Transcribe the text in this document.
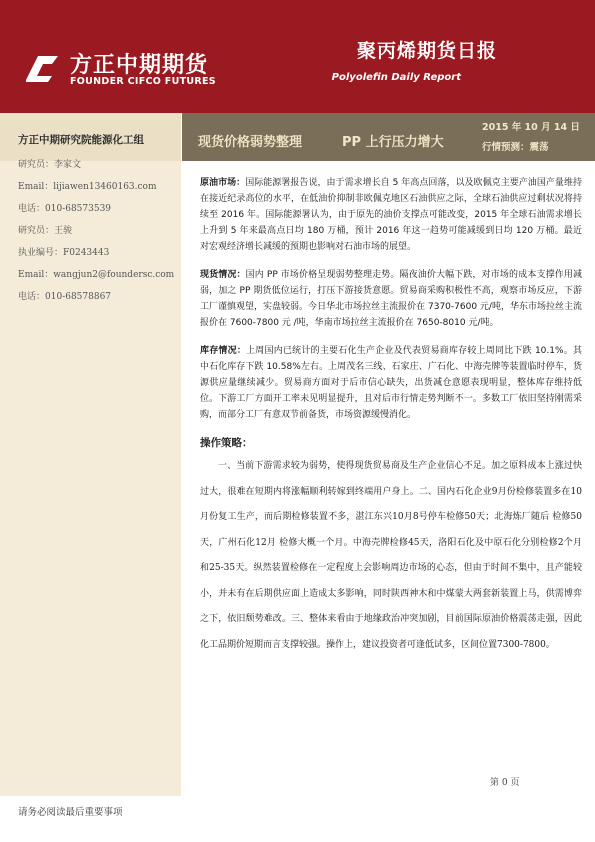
方正中期期货
FOUNDER CIFCO FUTURES
聚丙烯期货日报
Polyolefin Daily Report
方正中期研究院能源化工组
研究员：李家文
Email：lijiawen13460163.com
电话：010-68573539
研究员：王骏
执业编号：F0243443
Email：wangjun2@foundersc.com
电话：010-68578867
现货价格弱势整理	PP 上行压力增大
2015 年 10 月 14 日
行情预测：震荡

原油市场：国际能源署报告说，由于需求增长自 5 年高点回落，以及欧佩克主要产油国产量维持在接近纪录高位的水平，在低油价抑制非欧佩克地区石油供应之际，全球石油供应过剩状况将持续至 2016 年。国际能源署认为，由于原先的油价支撑点可能改变，2015 年全球石油需求增长上升到 5 年来最高点日均 180 万桶，预计 2016 年这一趋势可能减缓到日均 120 万桶。最近对宏观经济增长减缓的预期也影响对石油市场的展望。

现货情况：国内 PP 市场价格呈现弱势整理走势。隔夜油价大幅下跌，对市场的成本支撑作用减弱，加之 PP 期货低位运行，打压下游接货意愿。贸易商采购积极性不高，观察市场反应，下游工厂谨慎观望，实盘较弱。今日华北市场拉丝主流报价在 7370-7600 元/吨，华东市场拉丝主流报价在 7600-7800 元 /吨，华南市场拉丝主流报价在 7650-8010 元/吨。

库存情况：上周国内已统计的主要石化生产企业及代表贸易商库存较上周同比下跌 10.1%。其中石化库存下跌 10.58%左右。上周茂名三线、石家庄、广石化、中海壳牌等装置临时停车，货源供应量继续减少。贸易商方面对于后市信心缺失，出货减仓意愿表现明显，整体库存维持低位。下游工厂方面开工率未见明显提升，且对后市行情走势判断不一。多数工厂依旧坚持刚需采购，而部分工厂有意双节前备货，市场资源缓慢消化。

操作策略：

一、当前下游需求较为弱势，使得现货贸易商及生产企业信心不足。加之原料成本上涨过快过大，很难在短期内将涨幅顺利转嫁到终端用户身上。二、国内石化企业9月份检修装置多在10月份复工生产，而后期检修装置不多，湛江东兴10月8号停车检修50天；北海炼厂随后 检修50天，广州石化12月 检修大概一个月。中海壳牌检修45天，洛阳石化及中原石化分别检修2个月和25-35天。纵然装置检修在一定程度上会影响周边市场的心态，但由于时间不集中，且产能较小，并未有在后期供应面上造成太多影响，同时陕西神木和中煤蒙大两套新装置上马，供需博弈之下，依旧颓势难改。三、整体来看由于地缘政治冲突加剧，目前国际原油价格震荡走强，因此化工品期价短期而言支撑较强。操作上，建议投资者可逢低试多，区间位置7300-7800。

第 0 页
请务必阅读最后重要事项
